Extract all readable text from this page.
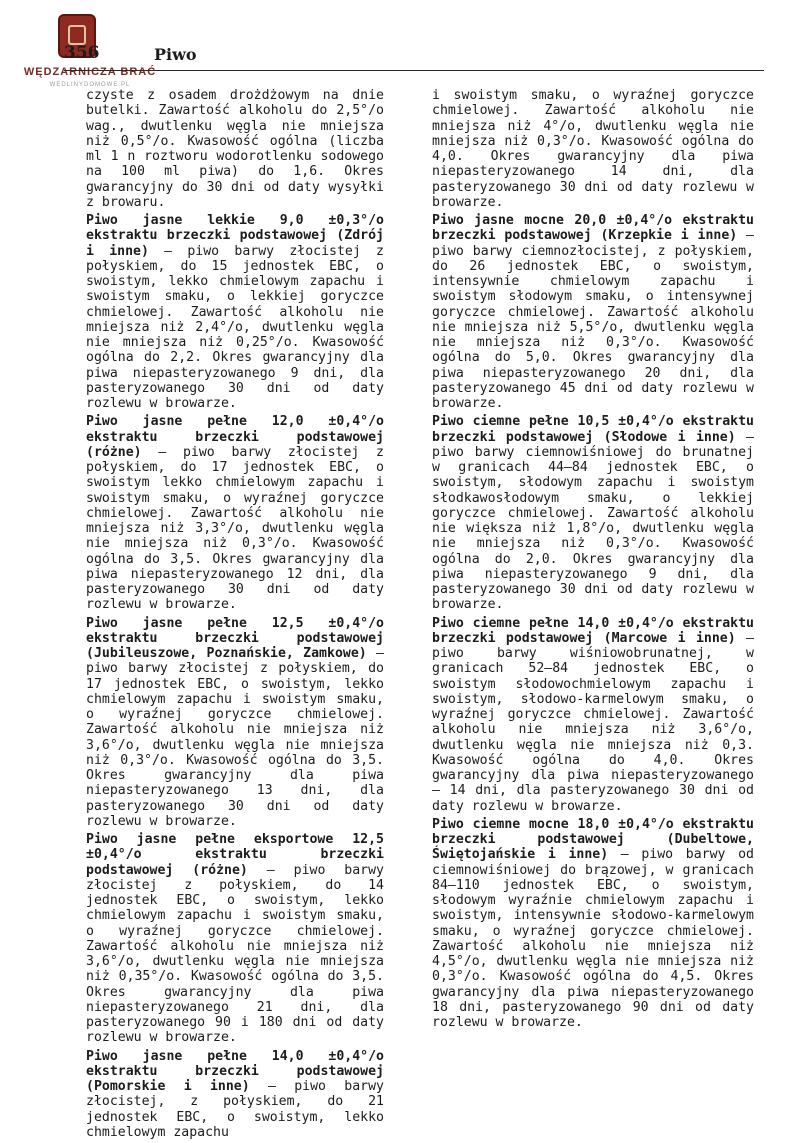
WĘDZARNICZA BRAĆ
WEDLINYDOMOWE.PL
356	Piwo

czyste z osadem drożdżowym na dnie butelki. Zawartość alkoholu do 2,5°/o wag., dwutlenku węgla nie mniejsza niż 0,5°/o. Kwasowość ogólna (liczba ml 1 n roztworu wodorotlenku sodowego na 100 ml piwa) do 1,6. Okres gwarancyjny do 30 dni od daty wysyłki z browaru.

Piwo jasne lekkie 9,0 ±0,3°/o ekstraktu brzeczki podstawowej (Zdrój i inne) — piwo barwy złocistej z połyskiem, do 15 jednostek EBC, o swoistym, lekko chmielowym zapachu i swoistym smaku, o lekkiej goryczce chmielowej. Zawartość alkoholu nie mniejsza niż 2,4°/o, dwutlenku węgla nie mniejsza niż 0,25°/o. Kwasowość ogólna do 2,2. Okres gwarancyjny dla piwa niepasteryzowanego 9 dni, dla pasteryzowanego 30 dni od daty rozlewu w browarze.

Piwo jasne pełne 12,0 ±0,4°/o ekstraktu brzeczki podstawowej (różne) — piwo barwy złocistej z połyskiem, do 17 jednostek EBC, o swoistym lekko chmielowym zapachu i swoistym smaku, o wyraźnej goryczce chmielowej. Zawartość alkoholu nie mniejsza niż 3,3°/o, dwutlenku węgla nie mniejsza niż 0,3°/o. Kwasowość ogólna do 3,5. Okres gwarancyjny dla piwa niepasteryzowanego 12 dni, dla pasteryzowanego 30 dni od daty rozlewu w browarze.

Piwo jasne pełne 12,5 ±0,4°/o ekstraktu brzeczki podstawowej (Jubileuszowe, Poznańskie, Zamkowe) — piwo barwy złocistej z połyskiem, do 17 jednostek EBC, o swoistym, lekko chmielowym zapachu i swoistym smaku, o wyraźnej goryczce chmielowej. Zawartość alkoholu nie mniejsza niż 3,6°/o, dwutlenku węgla nie mniejsza niż 0,3°/o. Kwasowość ogólna do 3,5. Okres gwarancyjny dla piwa niepasteryzowanego 13 dni, dla pasteryzowanego 30 dni od daty rozlewu w browarze.

Piwo jasne pełne eksportowe 12,5 ±0,4°/o ekstraktu brzeczki podstawowej (różne) — piwo barwy złocistej z połyskiem, do 14 jednostek EBC, o swoistym, lekko chmielowym zapachu i swoistym smaku, o wyraźnej goryczce chmielowej. Zawartość alkoholu nie mniejsza niż 3,6°/o, dwutlenku węgla nie mniejsza niż 0,35°/o. Kwasowość ogólna do 3,5. Okres gwarancyjny dla piwa niepasteryzowanego 21 dni, dla pasteryzowanego 90 i 180 dni od daty rozlewu w browarze.

Piwo jasne pełne 14,0 ±0,4°/o ekstraktu brzeczki podstawowej (Pomorskie i inne) — piwo barwy złocistej, z połyskiem, do 21 jednostek EBC, o swoistym, lekko chmielowym zapachu

i swoistym smaku, o wyraźnej goryczce chmielowej. Zawartość alkoholu nie mniejsza niż 4°/o, dwutlenku węgla nie mniejsza niż 0,3°/o. Kwasowość ogólna do 4,0. Okres gwarancyjny dla piwa niepasteryzowanego 14 dni, dla pasteryzowanego 30 dni od daty rozlewu w browarze.

Piwo jasne mocne 20,0 ±0,4°/o ekstraktu brzeczki podstawowej (Krzepkie i inne) — piwo barwy ciemnozłocistej, z połyskiem, do 26 jednostek EBC, o swoistym, intensywnie chmielowym zapachu i swoistym słodowym smaku, o intensywnej goryczce chmielowej. Zawartość alkoholu nie mniejsza niż 5,5°/o, dwutlenku węgla nie mniejsza niż 0,3°/o. Kwasowość ogólna do 5,0. Okres gwarancyjny dla piwa niepasteryzowanego 20 dni, dla pasteryzowanego 45 dni od daty rozlewu w browarze.

Piwo ciemne pełne 10,5 ±0,4°/o ekstraktu brzeczki podstawowej (Słodowe i inne) — piwo barwy ciemnowiśniowej do brunatnej w granicach 44—84 jednostek EBC, o swoistym, słodowym zapachu i swoistym słodkawosłodowym smaku, o lekkiej goryczce chmielowej. Zawartość alkoholu nie większa niż 1,8°/o, dwutlenku węgla nie mniejsza niż 0,3°/o. Kwasowość ogólna do 2,0. Okres gwarancyjny dla piwa niepasteryzowanego 9 dni, dla pasteryzowanego 30 dni od daty rozlewu w browarze.

Piwo ciemne pełne 14,0 ±0,4°/o ekstraktu brzeczki podstawowej (Marcowe i inne) — piwo barwy wiśniowobrunatnej, w granicach 52—84 jednostek EBC, o swoistym słodowochmielowym zapachu i swoistym, słodowo-karmelowym smaku, o wyraźnej goryczce chmielowej. Zawartość alkoholu nie mniejsza niż 3,6°/o, dwutlenku węgla nie mniejsza niż 0,3. Kwasowość ogólna do 4,0. Okres gwarancyjny dla piwa niepasteryzowanego — 14 dni, dla pasteryzowanego 30 dni od daty rozlewu w browarze.

Piwo ciemne mocne 18,0 ±0,4°/o ekstraktu brzeczki podstawowej (Dubeltowe, Świętojańskie i inne) — piwo barwy od ciemnowiśniowej do brązowej, w granicach 84—110 jednostek EBC, o swoistym, słodowym wyraźnie chmielowym zapachu i swoistym, intensywnie słodowo-karmelowym smaku, o wyraźnej goryczce chmielowej. Zawartość alkoholu nie mniejsza niż 4,5°/o, dwutlenku węgla nie mniejsza niż 0,3°/o. Kwasowość ogólna do 4,5. Okres gwarancyjny dla piwa niepasteryzowanego 18 dni, pasteryzowanego 90 dni od daty rozlewu w browarze.
